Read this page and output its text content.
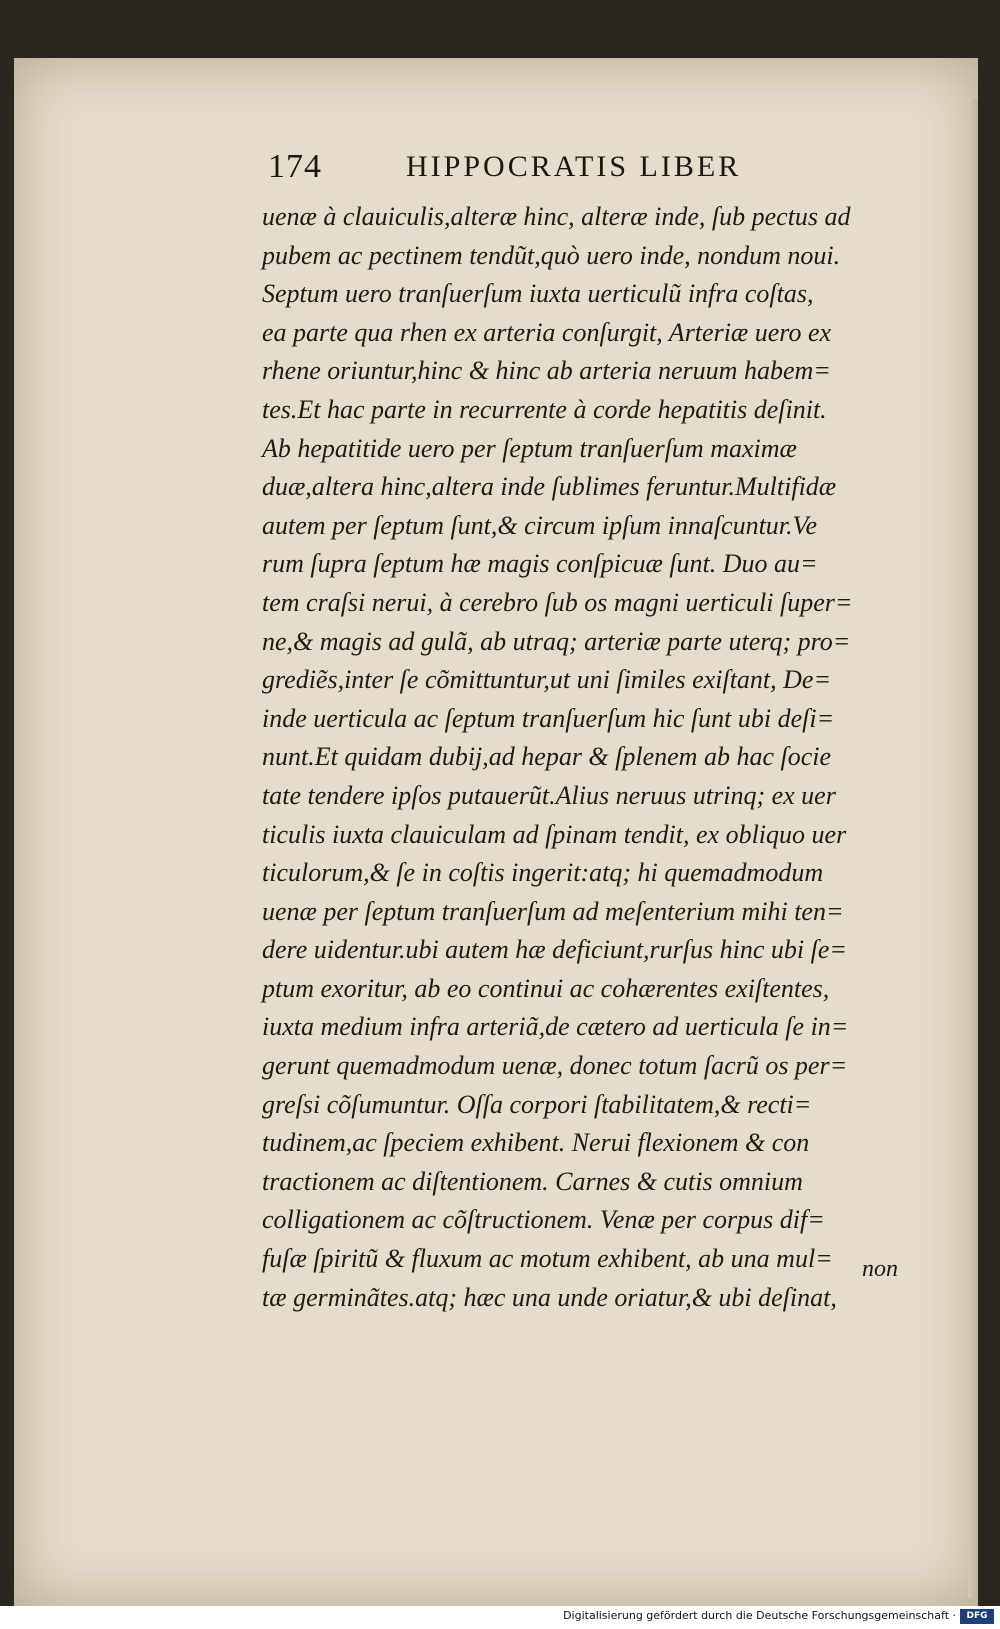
174	HIPPOCRATIS LIBER
uenæ à clauiculis,alteræ hinc, alteræ inde, ſub pectus ad
pubem ac pectinem tendũt,quò uero inde, nondum noui.
Septum uero tranſuerſum iuxta uerticulũ infra coſtas,
ea parte qua rhen ex arteria conſurgit, Arteriæ uero ex
rhene oriuntur,hinc & hinc ab arteria neruum habem=
tes.Et hac parte in recurrente à corde hepatitis deſinit.
Ab hepatitide uero per ſeptum tranſuerſum maximæ
duæ,altera hinc,altera inde ſublimes feruntur.Multifidæ
autem per ſeptum ſunt,& circum ipſum innaſcuntur.Ve
rum ſupra ſeptum hæ magis conſpicuæ ſunt. Duo au=
tem craſsi nerui, à cerebro ſub os magni uerticuli ſuper=
ne,& magis ad gulã, ab utraq; arteriæ parte uterq; pro=
grediẽs,inter ſe cõmittuntur,ut uni ſimiles exiſtant, De=
inde uerticula ac ſeptum tranſuerſum hic ſunt ubi deſi=
nunt.Et quidam dubij,ad hepar & ſplenem ab hac ſocie
tate tendere ipſos putauerũt.Alius neruus utrinq; ex uer
ticulis iuxta clauiculam ad ſpinam tendit, ex obliquo uer
ticulorum,& ſe in coſtis ingerit:atq; hi quemadmodum
uenæ per ſeptum tranſuerſum ad meſenterium mihi ten=
dere uidentur.ubi autem hæ deficiunt,rurſus hinc ubi ſe=
ptum exoritur, ab eo continui ac cohærentes exiſtentes,
iuxta medium infra arteriã,de cætero ad uerticula ſe in=
gerunt quemadmodum uenæ, donec totum ſacrũ os per=
greſsi cõſumuntur. Oſſa corpori ſtabilitatem,& recti=
tudinem,ac ſpeciem exhibent. Nerui flexionem & con
tractionem ac diſtentionem. Carnes & cutis omnium
colligationem ac cõſtructionem. Venæ per corpus dif=
fuſæ ſpiritũ & fluxum ac motum exhibent, ab una mul=
tæ germinãtes.atq; hæc una unde oriatur,& ubi deſinat,
non
Digitalisierung gefördert durch die Deutsche Forschungsgemeinschaft ·	DFG
